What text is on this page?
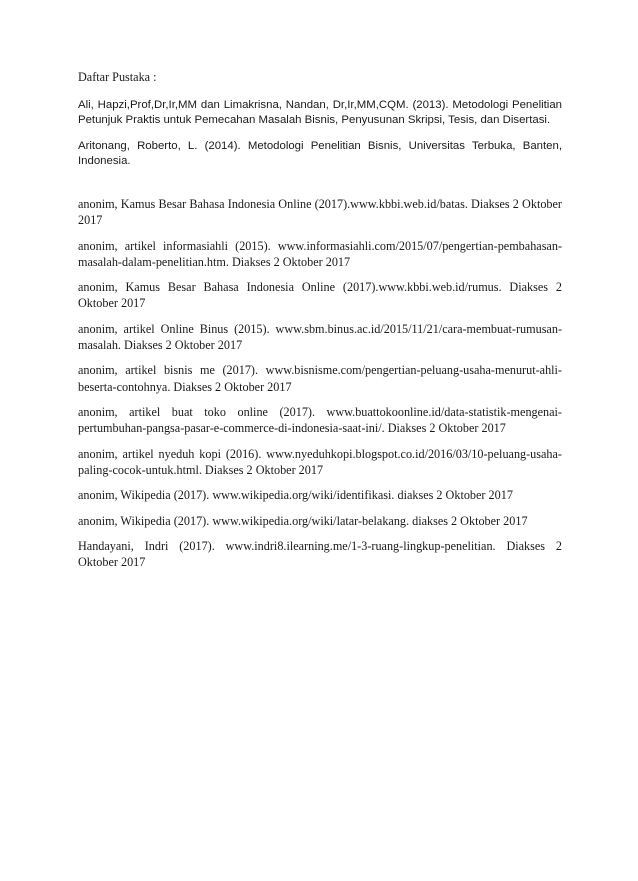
Daftar Pustaka :

Ali, Hapzi,Prof,Dr,Ir,MM dan Limakrisna, Nandan, Dr,Ir,MM,CQM. (2013). Metodologi Penelitian Petunjuk Praktis untuk Pemecahan Masalah Bisnis, Penyusunan Skripsi, Tesis, dan Disertasi.

Aritonang, Roberto, L. (2014). Metodologi Penelitian Bisnis, Universitas Terbuka, Banten, Indonesia.

anonim, Kamus Besar Bahasa Indonesia Online (2017).www.kbbi.web.id/batas. Diakses 2 Oktober 2017

anonim, artikel informasiahli (2015). www.informasiahli.com/2015/07/pengertian-pembahasan-masalah-dalam-penelitian.htm. Diakses 2 Oktober 2017

anonim, Kamus Besar Bahasa Indonesia Online (2017).www.kbbi.web.id/rumus. Diakses 2 Oktober 2017

anonim, artikel Online Binus (2015). www.sbm.binus.ac.id/2015/11/21/cara-membuat-rumusan-masalah. Diakses 2 Oktober 2017

anonim, artikel bisnis me (2017). www.bisnisme.com/pengertian-peluang-usaha-menurut-ahli-beserta-contohnya. Diakses 2 Oktober 2017

anonim, artikel buat toko online (2017). www.buattokoonline.id/data-statistik-mengenai-pertumbuhan-pangsa-pasar-e-commerce-di-indonesia-saat-ini/. Diakses 2 Oktober 2017

anonim, artikel nyeduh kopi (2016). www.nyeduhkopi.blogspot.co.id/2016/03/10-peluang-usaha-paling-cocok-untuk.html. Diakses 2 Oktober 2017

anonim, Wikipedia (2017). www.wikipedia.org/wiki/identifikasi. diakses 2 Oktober 2017

anonim, Wikipedia (2017). www.wikipedia.org/wiki/latar-belakang. diakses 2 Oktober 2017

Handayani, Indri (2017). www.indri8.ilearning.me/1-3-ruang-lingkup-penelitian. Diakses 2 Oktober 2017
